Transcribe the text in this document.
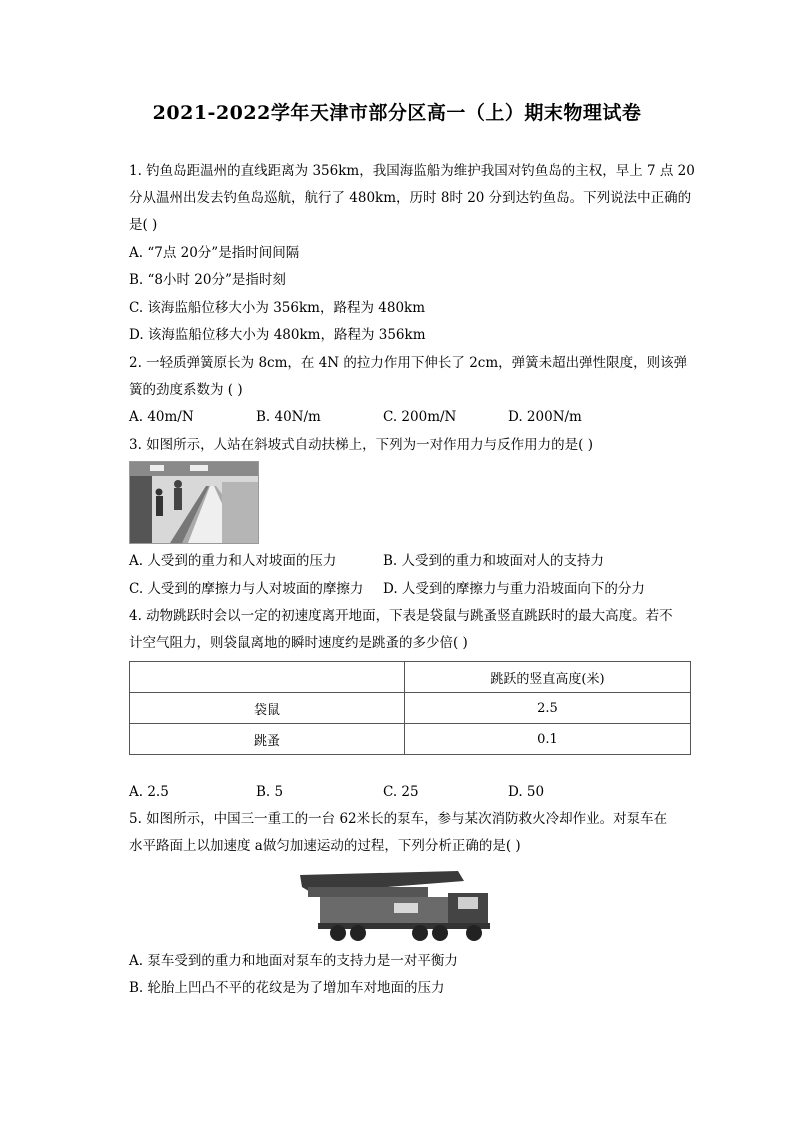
2021-2022学年天津市部分区高一（上）期末物理试卷
1. 钓鱼岛距温州的直线距离为 356km，我国海监船为维护我国对钓鱼岛的主权，早上 7 点 20
分从温州出发去钓鱼岛巡航，航行了 480km，历时 8时 20 分到达钓鱼岛。下列说法中正确的
是( )
A. “7点 20分”是指时间间隔
B. “8小时 20分”是指时刻
C. 该海监船位移大小为 356km，路程为 480km
D. 该海监船位移大小为 480km，路程为 356km
2. 一轻质弹簧原长为 8cm，在 4N 的拉力作用下伸长了 2cm，弹簧未超出弹性限度，则该弹
簧的劲度系数为 ( )
A. 40m/N	B. 40N/m	C. 200m/N	D. 200N/m
3. 如图所示，人站在斜坡式自动扶梯上，下列为一对作用力与反作用力的是( )
A. 人受到的重力和人对坡面的压力	B. 人受到的重力和坡面对人的支持力
C. 人受到的摩擦力与人对坡面的摩擦力 D. 人受到的摩擦力与重力沿坡面向下的分力
4. 动物跳跃时会以一定的初速度离开地面，下表是袋鼠与跳蚤竖直跳跃时的最大高度。若不
计空气阻力，则袋鼠离地的瞬时速度约是跳蚤的多少倍( )
	跳跃的竖直高度(米)
袋鼠	2.5
跳蚤	0.1
A. 2.5	B. 5	C. 25	D. 50
5. 如图所示，中国三一重工的一台 62米长的泵车，参与某次消防救火冷却作业。对泵车在
水平路面上以加速度 a做匀加速运动的过程，下列分析正确的是( )
A. 泵车受到的重力和地面对泵车的支持力是一对平衡力
B. 轮胎上凹凸不平的花纹是为了增加车对地面的压力
